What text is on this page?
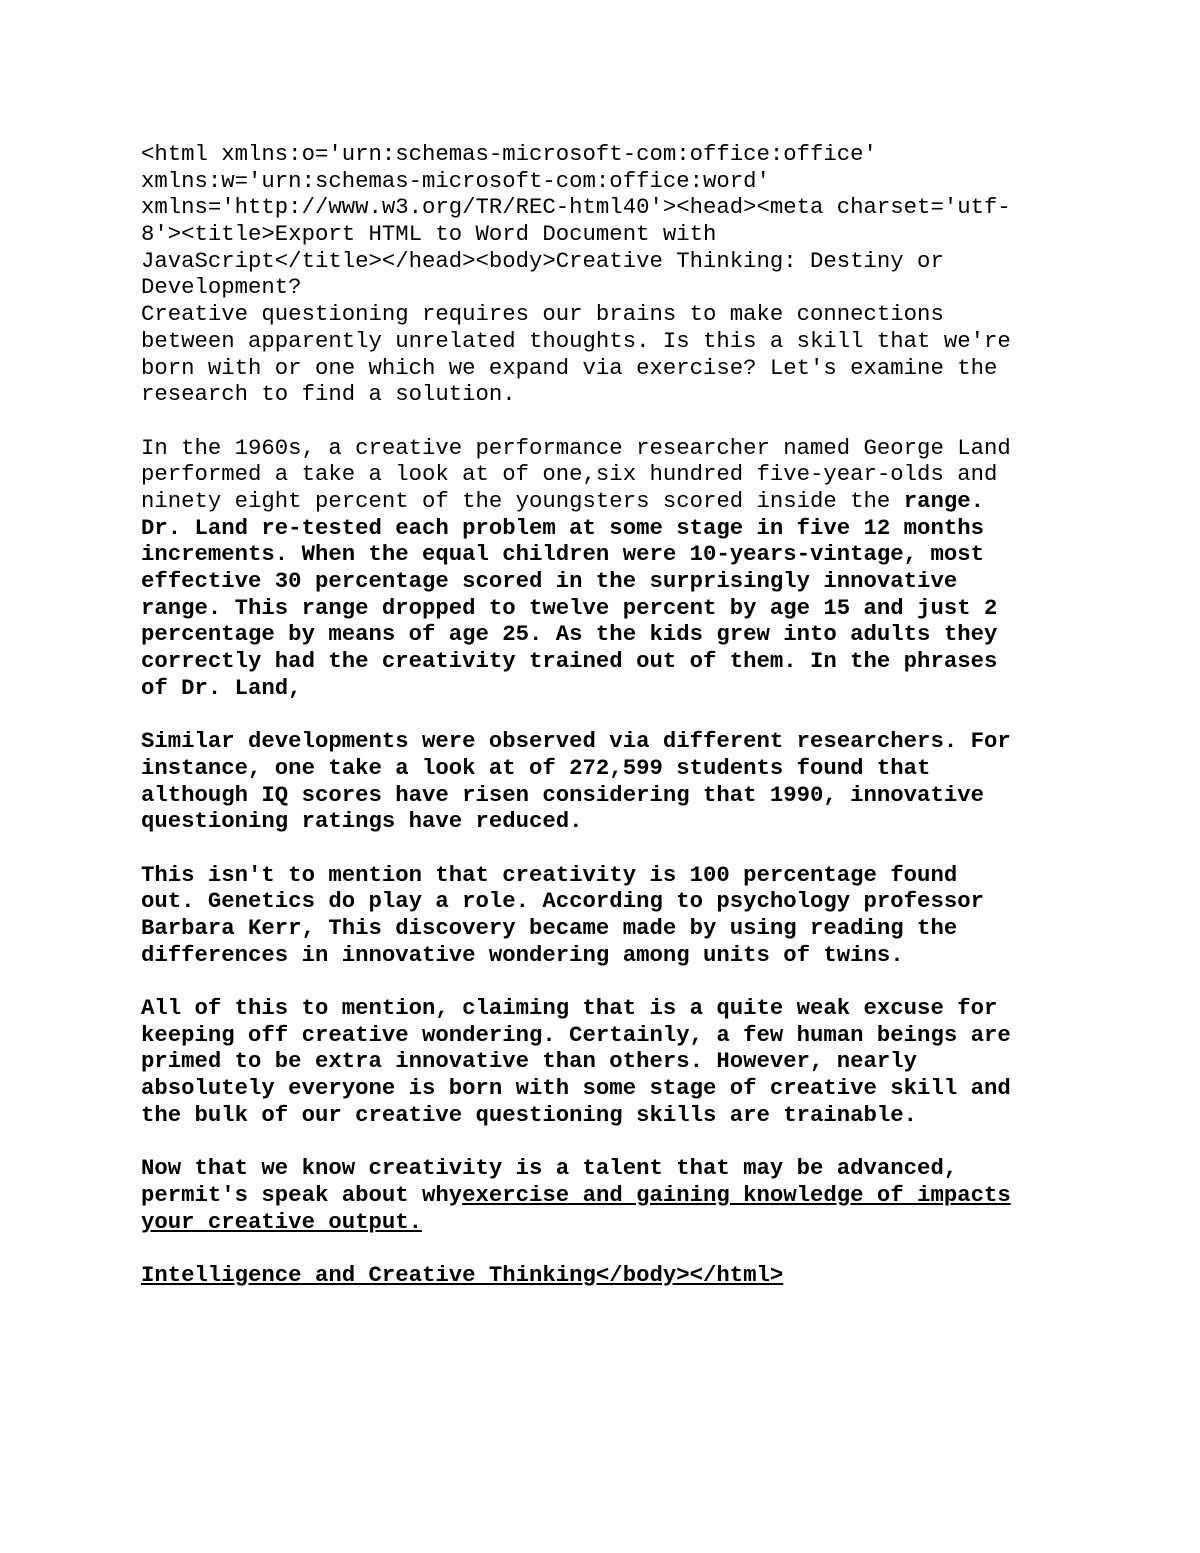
<html xmlns:o='urn:schemas-microsoft-com:office:office'
xmlns:w='urn:schemas-microsoft-com:office:word'
xmlns='http://www.w3.org/TR/REC-html40'><head><meta charset='utf-
8'><title>Export HTML to Word Document with
JavaScript</title></head><body>Creative Thinking: Destiny or
Development?
Creative questioning requires our brains to make connections
between apparently unrelated thoughts. Is this a skill that we're
born with or one which we expand via exercise? Let's examine the
research to find a solution.
In the 1960s, a creative performance researcher named George Land
performed a take a look at of one,six hundred five-year-olds and
ninety eight percent of the youngsters scored inside the range.
Dr. Land re-tested each problem at some stage in five 12 months
increments. When the equal children were 10-years-vintage, most
effective 30 percentage scored in the surprisingly innovative
range. This range dropped to twelve percent by age 15 and just 2
percentage by means of age 25. As the kids grew into adults they
correctly had the creativity trained out of them. In the phrases
of Dr. Land,
Similar developments were observed via different researchers. For
instance, one take a look at of 272,599 students found that
although IQ scores have risen considering that 1990, innovative
questioning ratings have reduced.
This isn't to mention that creativity is 100 percentage found
out. Genetics do play a role. According to psychology professor
Barbara Kerr, This discovery became made by using reading the
differences in innovative wondering among units of twins.
All of this to mention, claiming that is a quite weak excuse for
keeping off creative wondering. Certainly, a few human beings are
primed to be extra innovative than others. However, nearly
absolutely everyone is born with some stage of creative skill and
the bulk of our creative questioning skills are trainable.
Now that we know creativity is a talent that may be advanced,
permit's speak about whyexercise and gaining knowledge of impacts
your creative output.
Intelligence and Creative Thinking</body></html>
